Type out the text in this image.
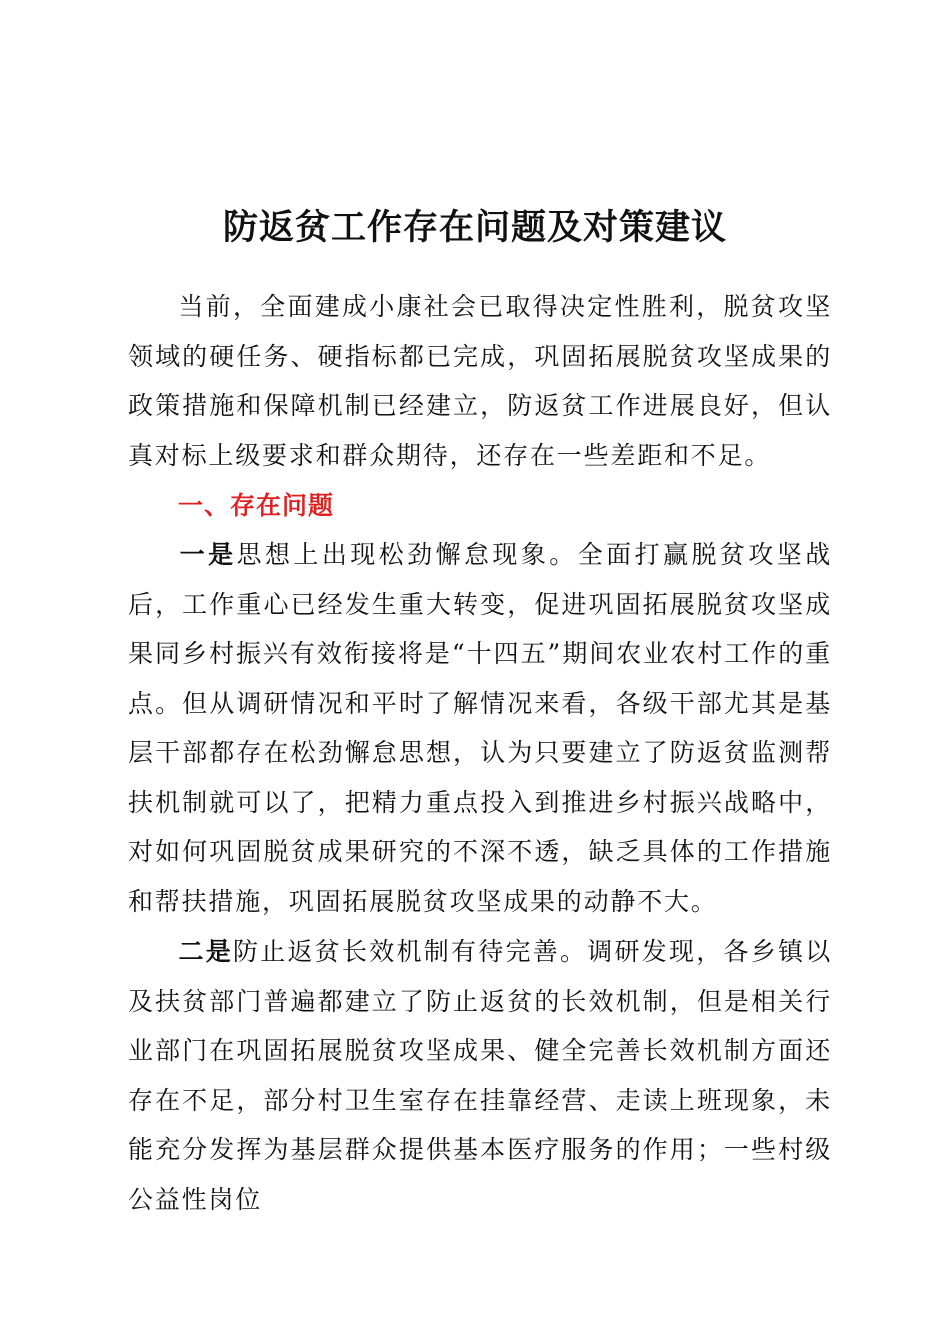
防返贫工作存在问题及对策建议

当前，全面建成小康社会已取得决定性胜利，脱贫攻坚领域的硬任务、硬指标都已完成，巩固拓展脱贫攻坚成果的政策措施和保障机制已经建立，防返贫工作进展良好，但认真对标上级要求和群众期待，还存在一些差距和不足。

一、存在问题

一是思想上出现松劲懈怠现象。全面打赢脱贫攻坚战后，工作重心已经发生重大转变，促进巩固拓展脱贫攻坚成果同乡村振兴有效衔接将是“十四五”期间农业农村工作的重点。但从调研情况和平时了解情况来看，各级干部尤其是基层干部都存在松劲懈怠思想，认为只要建立了防返贫监测帮扶机制就可以了，把精力重点投入到推进乡村振兴战略中，对如何巩固脱贫成果研究的不深不透，缺乏具体的工作措施和帮扶措施，巩固拓展脱贫攻坚成果的动静不大。

二是防止返贫长效机制有待完善。调研发现，各乡镇以及扶贫部门普遍都建立了防止返贫的长效机制，但是相关行业部门在巩固拓展脱贫攻坚成果、健全完善长效机制方面还存在不足，部分村卫生室存在挂靠经营、走读上班现象，未能充分发挥为基层群众提供基本医疗服务的作用；一些村级公益性岗位
